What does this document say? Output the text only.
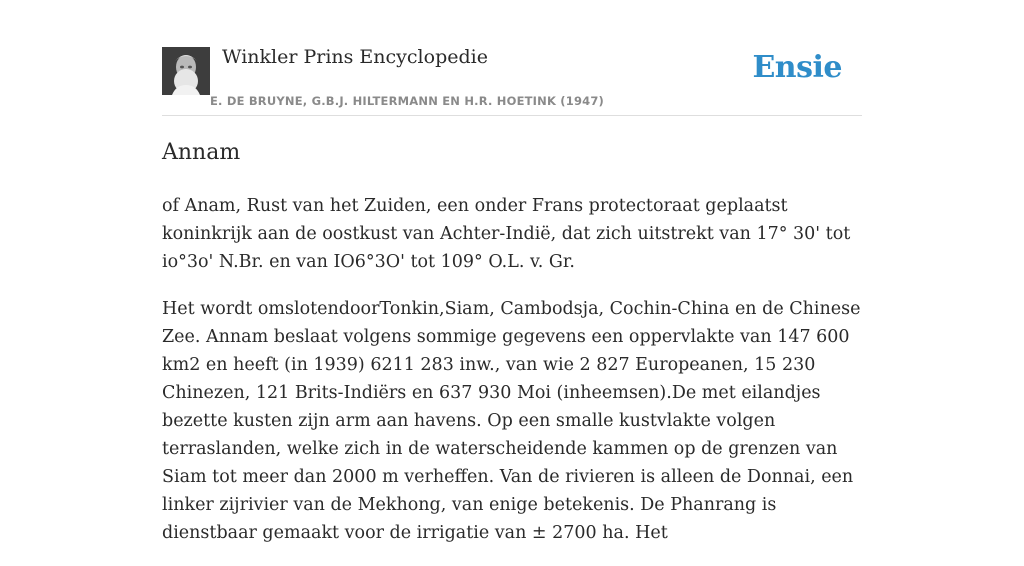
Winkler Prins Encyclopedie
E. DE BRUYNE, G.B.J. HILTERMANN EN H.R. HOETINK (1947)
Ensie
Annam

of Anam, Rust van het Zuiden, een onder Frans protectoraat geplaatst koninkrijk aan de oostkust van Achter-Indië, dat zich uitstrekt van 17° 30' tot io°3o' N.Br. en van IO6°3O' tot 109° O.L. v. Gr.

Het wordt omslotendoorTonkin,Siam, Cambodsja, Cochin-China en de Chinese Zee. Annam beslaat volgens sommige gegevens een oppervlakte van 147 600 km2 en heeft (in 1939) 6211 283 inw., van wie 2 827 Europeanen, 15 230 Chinezen, 121 Brits-Indiërs en 637 930 Moi (inheemsen).De met eilandjes bezette kusten zijn arm aan havens. Op een smalle kustvlakte volgen terraslanden, welke zich in de waterscheidende kammen op de grenzen van Siam tot meer dan 2000 m verheffen. Van de rivieren is alleen de Donnai, een linker zijrivier van de Mekhong, van enige betekenis. De Phanrang is dienstbaar gemaakt voor de irrigatie van ± 2700 ha. Het
